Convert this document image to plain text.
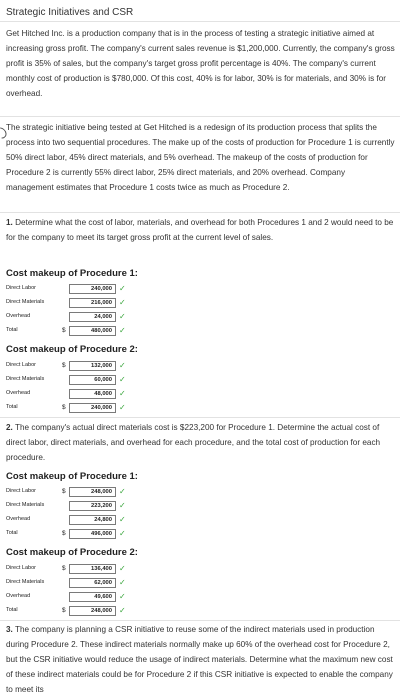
Strategic Initiatives and CSR

Get Hitched Inc. is a production company that is in the process of testing a strategic initiative aimed at increasing gross profit. The company's current sales revenue is $1,200,000. Currently, the company's gross profit is 35% of sales, but the company's target gross profit percentage is 40%. The company's current monthly cost of production is $780,000. Of this cost, 40% is for labor, 30% is for materials, and 30% is for overhead.

The strategic initiative being tested at Get Hitched is a redesign of its production process that splits the process into two sequential procedures. The make up of the costs of production for Procedure 1 is currently 50% direct labor, 45% direct materials, and 5% overhead. The makeup of the costs of production for Procedure 2 is currently 55% direct labor, 25% direct materials, and 20% overhead. Company management estimates that Procedure 1 costs twice as much as Procedure 2.

1. Determine what the cost of labor, materials, and overhead for both Procedures 1 and 2 would need to be for the company to meet its target gross profit at the current level of sales.

Cost makeup of Procedure 1:
Direct Labor	240,000 ✓
Direct Materials	216,000 ✓
Overhead	24,000 ✓
Total	$	480,000 ✓
Cost makeup of Procedure 2:
Direct Labor	$	132,000 ✓
Direct Materials	60,000 ✓
Overhead	48,000 ✓
Total	$	240,000 ✓

2. The company's actual direct materials cost is $223,200 for Procedure 1. Determine the actual cost of direct labor, direct materials, and overhead for each procedure, and the total cost of production for each procedure.

Cost makeup of Procedure 1:
Direct Labor	$	248,000 ✓
Direct Materials	223,200 ✓
Overhead	24,800 ✓
Total	$	496,000 ✓
Cost makeup of Procedure 2:
Direct Labor	$	136,400 ✓
Direct Materials	62,000 ✓
Overhead	49,600 ✓
Total	$	248,000 ✓

3. The company is planning a CSR initiative to reuse some of the indirect materials used in production during Procedure 2. These indirect materials normally make up 60% of the overhead cost for Procedure 2, but the CSR initiative would reduce the usage of indirect materials. Determine what the maximum new cost of these indirect materials could be for Procedure 2 if this CSR initiative is expected to enable the company to meet its
